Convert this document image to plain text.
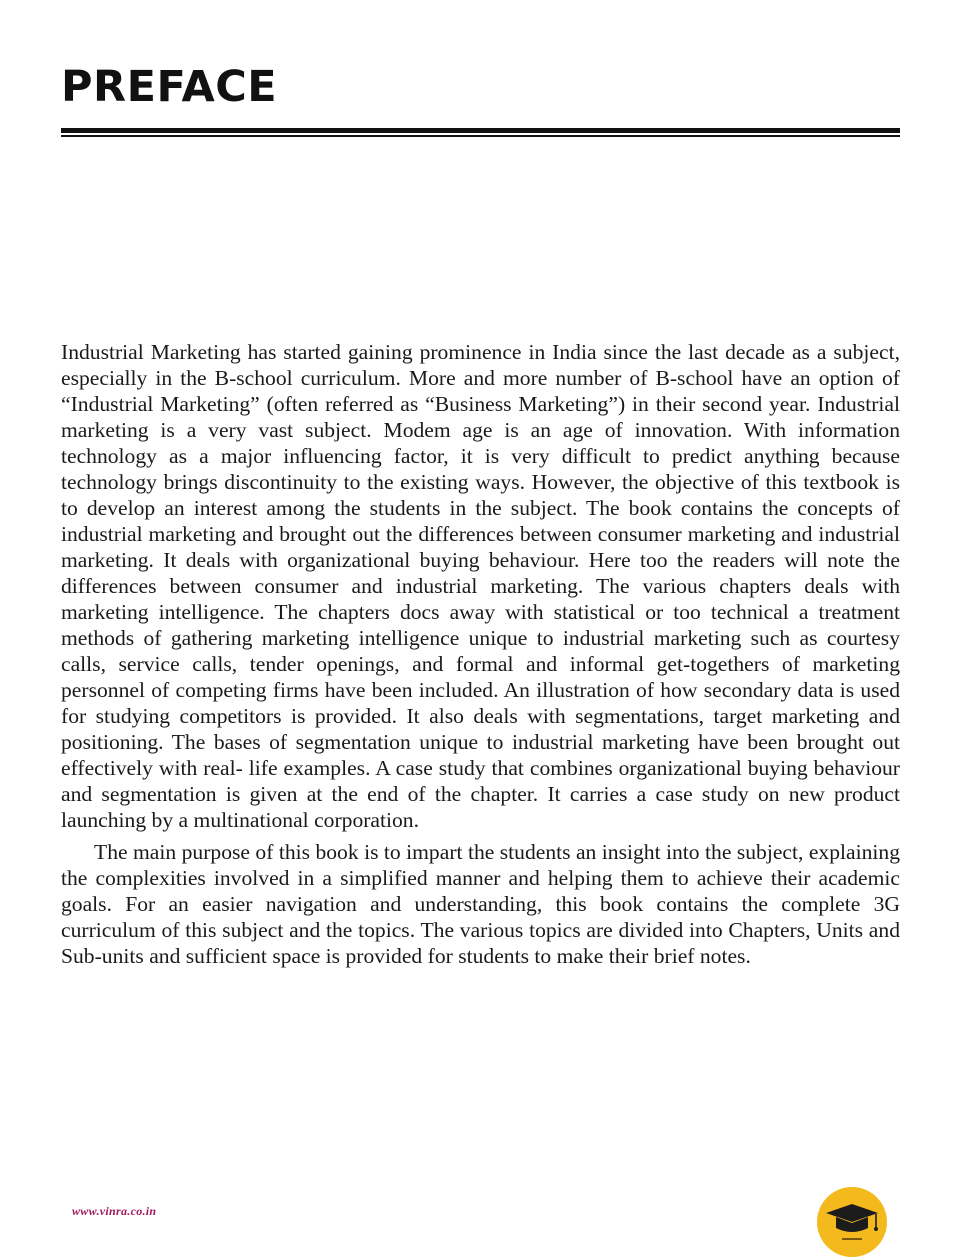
PREFACE

Industrial Marketing has started gaining prominence in India since the last decade as a subject, especially in the B-school curriculum. More and more number of B-school have an option of “Industrial Marketing” (often referred as “Business Marketing”) in their second year. Industrial marketing is a very vast subject. Modem age is an age of innovation. With information technology as a major influencing factor, it is very difficult to predict anything because technology brings discontinuity to the existing ways. However, the objective of this textbook is to develop an interest among the students in the subject. The book contains the concepts of industrial marketing and brought out the differences between consumer marketing and industrial marketing. It deals with organizational buying behaviour. Here too the readers will note the differences between consumer and industrial marketing. The various chapters deals with marketing intelligence. The chapters docs away with statistical or too technical a treatment methods of gathering marketing intelligence unique to industrial marketing such as courtesy calls, service calls, tender openings, and formal and informal get-togethers of marketing personnel of competing firms have been included. An illustration of how secondary data is used for studying competitors is provided. It also deals with segmentations, target marketing and positioning. The bases of segmentation unique to industrial marketing have been brought out effectively with real- life examples. A case study that combines organizational buying behaviour and segmentation is given at the end of the chapter. It carries a case study on new product launching by a multinational corporation.

The main purpose of this book is to impart the students an insight into the subject, explaining the complexities involved in a simplified manner and helping them to achieve their academic goals. For an easier navigation and understanding, this book contains the complete 3G curriculum of this subject and the topics. The various topics are divided into Chapters, Units and Sub-units and sufficient space is provided for students to make their brief notes.

www.vinra.co.in
